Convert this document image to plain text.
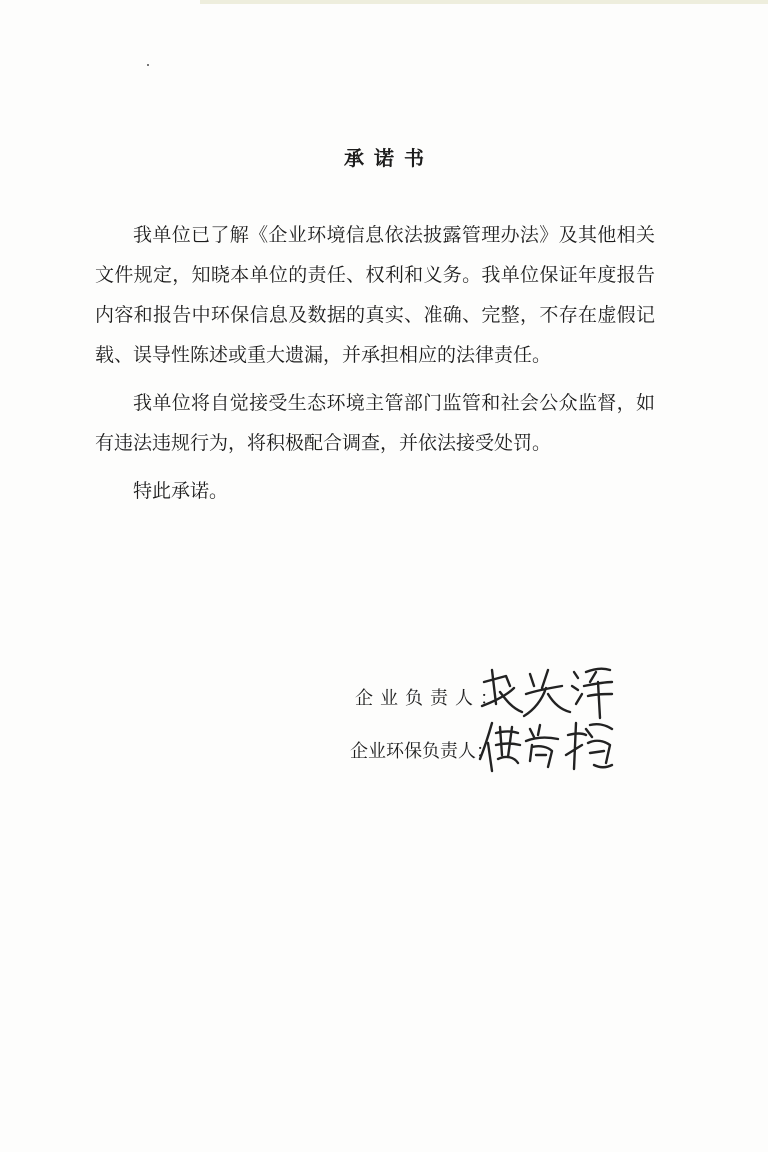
承诺书

我单位已了解《企业环境信息依法披露管理办法》及其他相关文件规定，知晓本单位的责任、权利和义务。我单位保证年度报告内容和报告中环保信息及数据的真实、准确、完整，不存在虚假记载、误导性陈述或重大遗漏，并承担相应的法律责任。

我单位将自觉接受生态环境主管部门监管和社会公众监督，如有违法违规行为，将积极配合调查，并依法接受处罚。

特此承诺。

企业负责人：
企业环保负责人：
